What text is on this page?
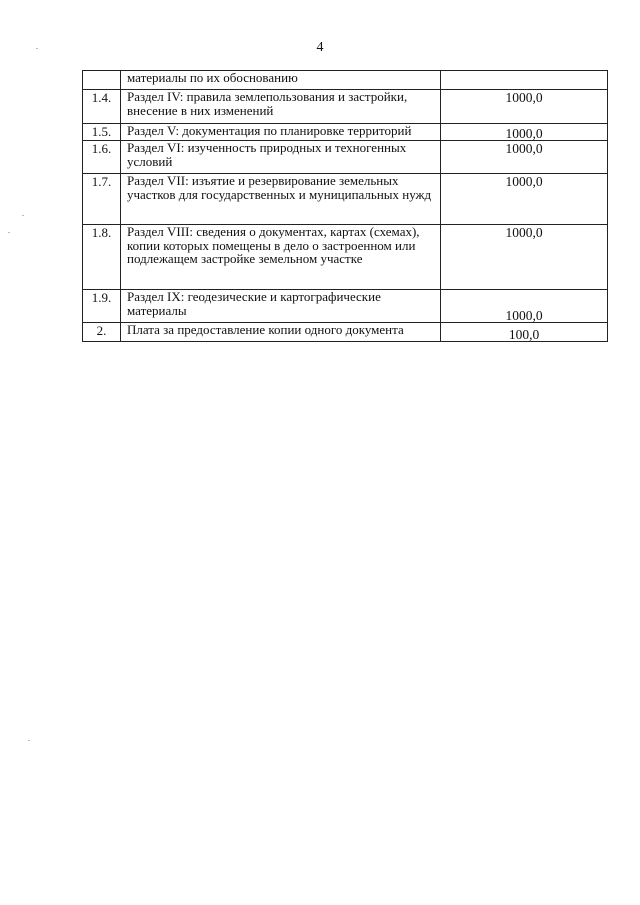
4
	материалы по их обоснованию	
1.4.	Раздел IV: правила землепользования и застройки, внесение в них изменений	1000,0
1.5.	Раздел V: документация по планировке территорий	1000,0
1.6.	Раздел VI: изученность природных и техногенных условий	1000,0
1.7.	Раздел VII: изъятие и резервирование земельных участков для государственных и муниципальных нужд	1000,0
1.8.	Раздел VIII: сведения о документах, картах (схемах), копии которых помещены в дело о застроенном или подлежащем застройке земельном участке	1000,0
1.9.	Раздел IX: геодезические и картографические материалы	1000,0
2.	Плата за предоставление копии одного документа	100,0
